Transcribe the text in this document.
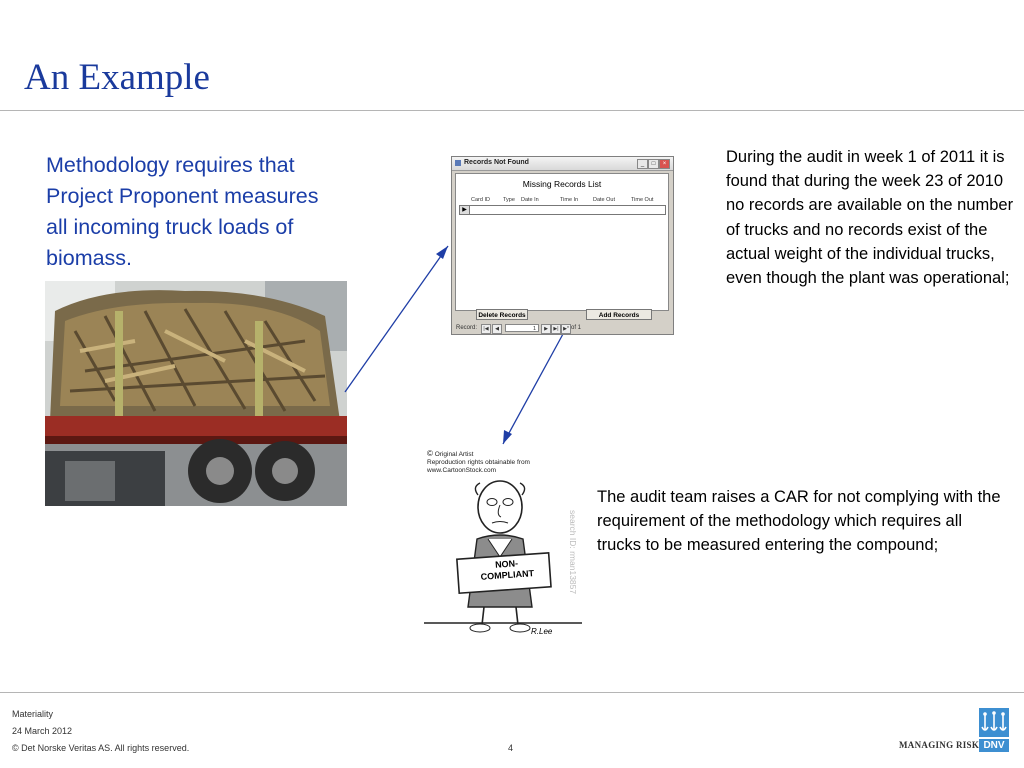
An Example
Methodology requires that Project Proponent measures all incoming truck loads of biomass.
Records Not Found	_	□	×
Missing Records List
Card ID Type Date In	Time In	Date Out	Time Out
▶
Delete Records	Add Records
Record:	|◀	◀	1	▶	▶| ▶* of 1
During the audit in week 1 of 2011 it is found that during the week 23 of 2010 no records are available on the number of trucks and no records exist of the actual weight of the individual trucks, even though the plant was operational;
© Original Artist
Reproduction rights obtainable from
www.CartoonStock.com
NON-
COMPLIANT	search ID: rman13857
R.Lee
The audit team raises a CAR for not complying with the requirement of the methodology which requires all trucks to be measured entering the compound;
Materiality
24 March 2012
© Det Norske Veritas AS. All rights reserved.	4	MANAGING RISK DNV
